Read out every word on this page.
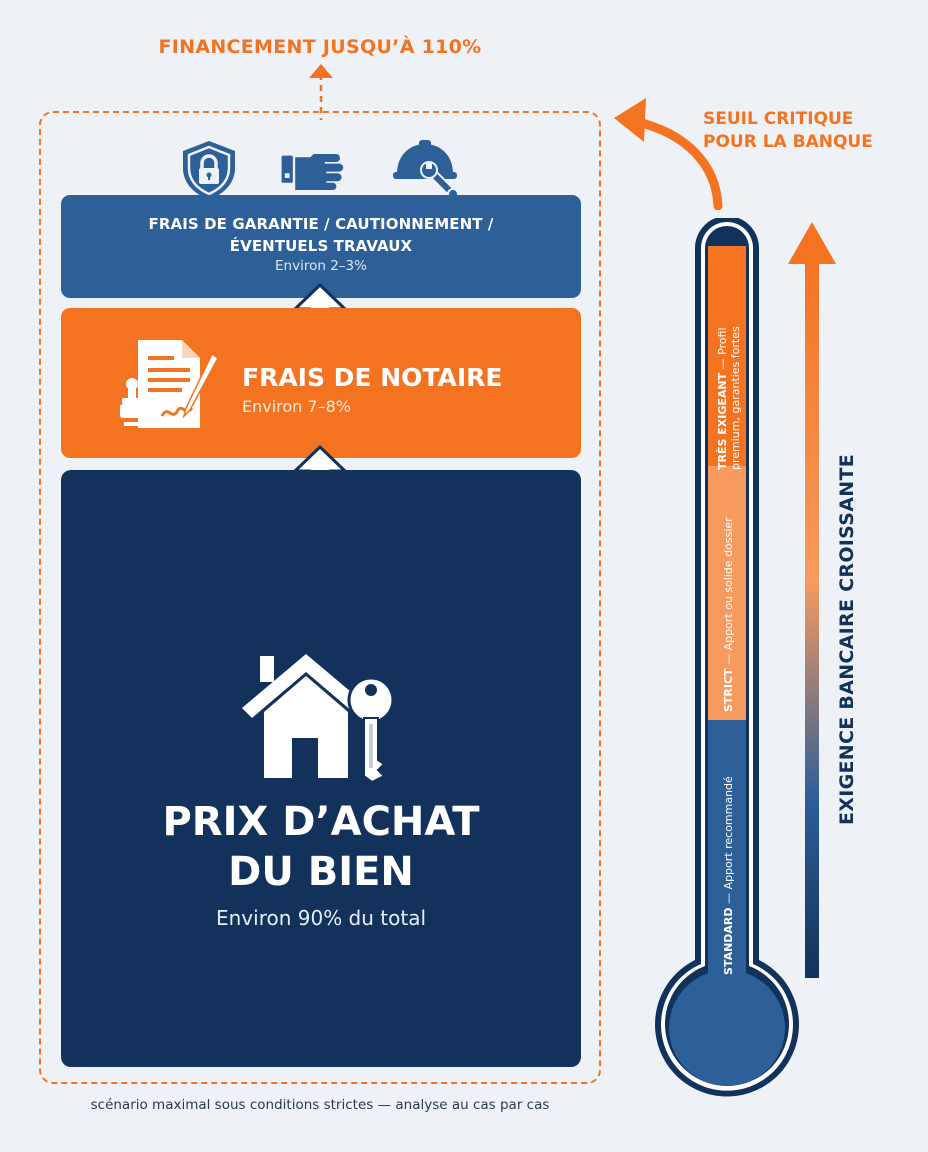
FINANCEMENT JUSQU’À 110%
FRAIS DE GARANTIE / CAUTIONNEMENT /
ÉVENTUELS TRAVAUX
Environ 2–3%
FRAIS DE NOTAIRE
Environ 7–8%
PRIX D’ACHAT
DU BIEN
Environ 90% du total
scénario maximal sous conditions strictes — analyse au cas par cas
SEUIL CRITIQUE
POUR LA BANQUE
STANDARD — Apport recommandé
STRICT — Apport ou solide dossier
TRÈS EXIGEANT — Profil premium, garanties fortes
EXIGENCE BANCAIRE CROISSANTE
